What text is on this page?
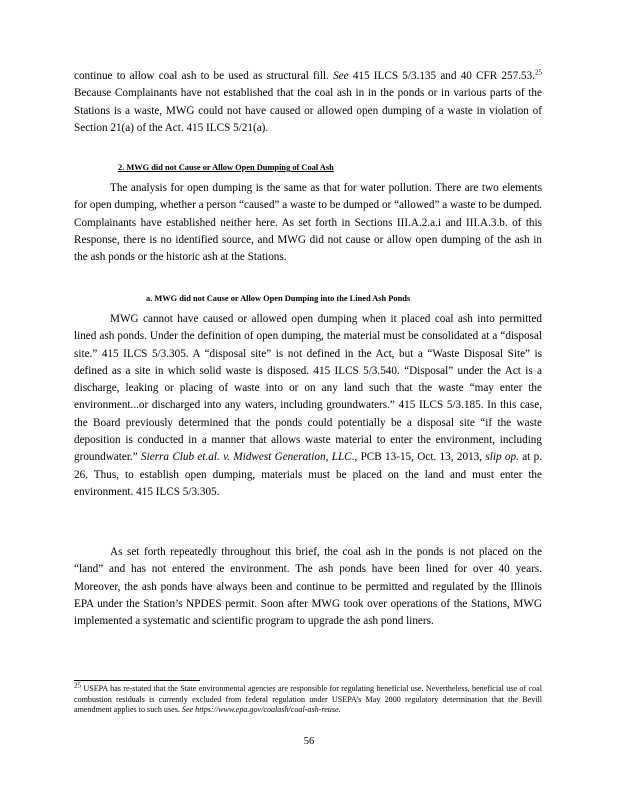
continue to allow coal ash to be used as structural fill. See 415 ILCS 5/3.135 and 40 CFR 257.53.25 Because Complainants have not established that the coal ash in in the ponds or in various parts of the Stations is a waste, MWG could not have caused or allowed open dumping of a waste in violation of Section 21(a) of the Act. 415 ILCS 5/21(a).

2. MWG did not Cause or Allow Open Dumping of Coal Ash

The analysis for open dumping is the same as that for water pollution. There are two elements for open dumping, whether a person “caused” a waste to be dumped or “allowed” a waste to be dumped. Complainants have established neither here. As set forth in Sections III.A.2.a.i and III.A.3.b. of this Response, there is no identified source, and MWG did not cause or allow open dumping of the ash in the ash ponds or the historic ash at the Stations.

a. MWG did not Cause or Allow Open Dumping into the Lined Ash Ponds

MWG cannot have caused or allowed open dumping when it placed coal ash into permitted lined ash ponds. Under the definition of open dumping, the material must be consolidated at a “disposal site.” 415 ILCS 5/3.305. A “disposal site” is not defined in the Act, but a “Waste Disposal Site” is defined as a site in which solid waste is disposed. 415 ILCS 5/3.540. “Disposal” under the Act is a discharge, leaking or placing of waste into or on any land such that the waste “may enter the environment...or discharged into any waters, including groundwaters.” 415 ILCS 5/3.185. In this case, the Board previously determined that the ponds could potentially be a disposal site “if the waste deposition is conducted in a manner that allows waste material to enter the environment, including groundwater.” Sierra Club et.al. v. Midwest Generation, LLC., PCB 13-15, Oct. 13, 2013, slip op. at p. 26. Thus, to establish open dumping, materials must be placed on the land and must enter the environment. 415 ILCS 5/3.305.

As set forth repeatedly throughout this brief, the coal ash in the ponds is not placed on the “land” and has not entered the environment. The ash ponds have been lined for over 40 years. Moreover, the ash ponds have always been and continue to be permitted and regulated by the Illinois EPA under the Station’s NPDES permit. Soon after MWG took over operations of the Stations, MWG implemented a systematic and scientific program to upgrade the ash pond liners.

25 USEPA has re-stated that the State environmental agencies are responsible for regulating beneficial use. Nevertheless, beneficial use of coal combustion residuals is currently excluded from federal regulation under USEPA’s May 2000 regulatory determination that the Bevill amendment applies to such uses. See https://www.epa.gov/coalash/coal-ash-reuse.

56
